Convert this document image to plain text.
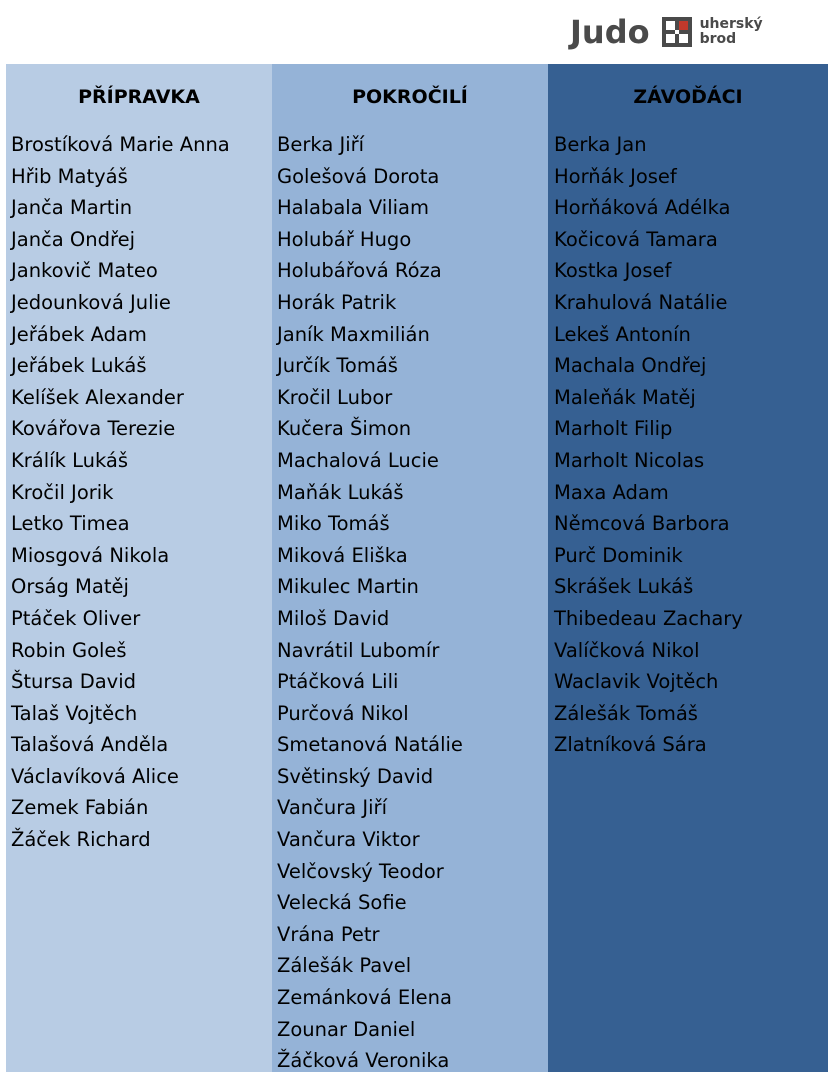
Judo	uherský
brod
PŘÍPRAVKA
Brostíková Marie Anna
Hřib Matyáš
Janča Martin
Janča Ondřej
Jankovič Mateo
Jedounková Julie
Jeřábek Adam
Jeřábek Lukáš
Kelíšek Alexander
Kovářova Terezie
Králík Lukáš
Kročil Jorik
Letko Timea
Miosgová Nikola
Orság Matěj
Ptáček Oliver
Robin Goleš
Štursa David
Talaš Vojtěch
Talašová Anděla
Václavíková Alice
Zemek Fabián
Žáček Richard
POKROČILÍ
Berka Jiří
Golešová Dorota
Halabala Viliam
Holubář Hugo
Holubářová Róza
Horák Patrik
Janík Maxmilián
Jurčík Tomáš
Kročil Lubor
Kučera Šimon
Machalová Lucie
Maňák Lukáš
Miko Tomáš
Miková Eliška
Mikulec Martin
Miloš David
Navrátil Lubomír
Ptáčková Lili
Purčová Nikol
Smetanová Natálie
Světinský David
Vančura Jiří
Vančura Viktor
Velčovský Teodor
Velecká Sofie
Vrána Petr
Zálešák Pavel
Zemánková Elena
Zounar Daniel
Žáčková Veronika
ZÁVOĎÁCI
Berka Jan
Horňák Josef
Horňáková Adélka
Kočicová Tamara
Kostka Josef
Krahulová Natálie
Lekeš Antonín
Machala Ondřej
Maleňák Matěj
Marholt Filip
Marholt Nicolas
Maxa Adam
Němcová Barbora
Purč Dominik
Skrášek Lukáš
Thibedeau Zachary
Valíčková Nikol
Waclavik Vojtěch
Zálešák Tomáš
Zlatníková Sára
